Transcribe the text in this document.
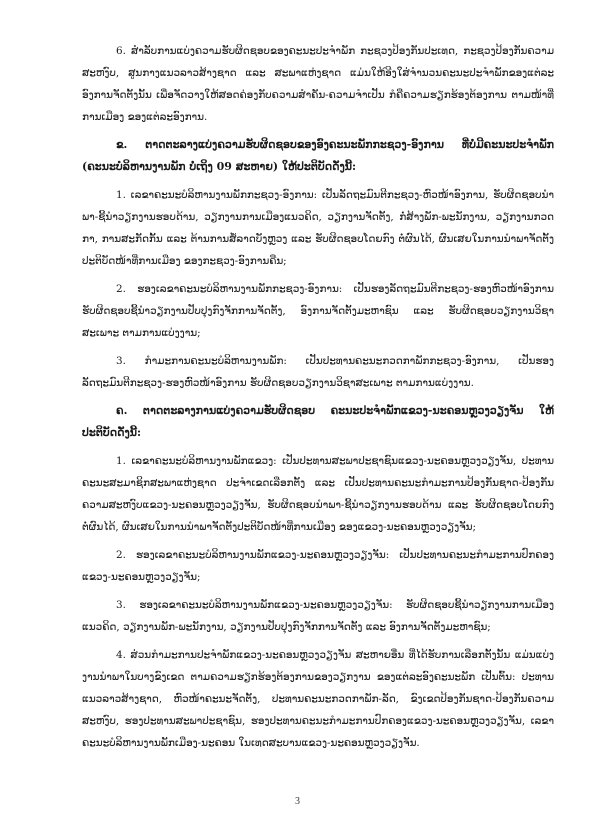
6. ສໍາລັບການແບ່ງຄວາມຮັບຜິດຊອບຂອງຄະນະປະຈໍາພັກ ກະຊວງປ້ອງກັນປະເທດ, ກະຊວງປ້ອງກັນຄວາມສະຫງົບ, ສູນກາງແນວລາວສ້າງຊາດ ແລະ ສະພາແຫ່ງຊາດ ແມ່ນໃຫ້ອີງໃສ່ຈໍານວນຄະນະປະຈໍາພັກຂອງແຕ່ລະອົງການຈັດຕັ້ງນັ້ນ ເພື່ອຈັດວາງໃຫ້ສອດຄ່ອງກັບຄວາມສໍາຄັນ-ຄວາມຈໍາເປັນ ກໍຄືຄວາມຮຽກຮ້ອງຕ້ອງການ ຕາມໜ້າທີ່ການເມືອງ ຂອງແຕ່ລະອົງການ.

ຂ. ຕາດຕະລາງແບ່ງຄວາມຮັບຜິດຊອບຂອງອົງຄະນະພັກກະຊວງ-ອົງການ ທີ່ບໍ່ມີຄະນະປະຈໍາພັກ (ຄະນະບໍລິຫານງານພັກ ບໍ່ເຖິງ 09 ສະຫາຍ) ໃຫ້ປະຕິບັດດັ່ງນີ້:

1. ເລຂາຄະນະບໍລິຫານງານພັກກະຊວງ-ອົງການ: ເປັນລັດຖະມົນຕີກະຊວງ-ຫົວໜ້າອົງການ, ຮັບຜິດຊອບນໍາພາ-ຊີ້ນໍາວຽກງານຮອບດ້ານ, ວຽກງານການເມືອງແນວຄິດ, ວຽກງານຈັດຕັ້ງ, ກໍ່ສ້າງພັກ-ພະນັກງານ, ວຽກງານກວດກາ, ການສະກັດກັ້ນ ແລະ ຕ້ານການສໍ້ລາດບັງຫຼວງ ແລະ ຮັບຜິດຊອບໂດຍກົງ ຕໍ່ຜົນໄດ້, ຜົນເສຍໃນການນໍາພາຈັດຕັ້ງປະຕິບັດໜ້າທີ່ການເມືອງ ຂອງກະຊວງ-ອົງການຄືນ;

2. ຮອງເລຂາຄະນະບໍລິຫານງານພັກກະຊວງ-ອົງການ: ເປັນຮອງລັດຖະມົນຕີກະຊວງ-ຮອງຫົວໜ້າອົງການ ຮັບຜິດຊອບຊີ້ນໍາວຽກງານປັບປຸງກົງຈັກການຈັດຕັ້ງ, ອົງການຈັດຕັ້ງມະຫາຊົນ ແລະ ຮັບຜິດຊອບວຽກງານວິຊາສະເພາະ ຕາມການແບ່ງງານ;

3. ກໍາມະການຄະນະບໍລິຫານງານພັກ: ເປັນປະທານຄະນະກວດກາພັກກະຊວງ-ອົງການ, ເປັນຮອງລັດຖະມົນຕີກະຊວງ-ຮອງຫົວໜ້າອົງການ ຮັບຜິດຊອບວຽກງານວິຊາສະເພາະ ຕາມການແບ່ງງານ.

ຄ. ຕາດຕະລາງການແບ່ງຄວາມຮັບຜິດຊອບ ຄະນະປະຈໍາພັກແຂວງ-ນະຄອນຫຼວງວຽງຈັນ ໃຫ້ປະຕິບັດດັ່ງນີ້:

1. ເລຂາຄະນະບໍລິຫານງານພັກແຂວງ: ເປັນປະທານສະພາປະຊາຊົນແຂວງ-ນະຄອນຫຼວງວຽງຈັນ, ປະທານຄະນະສະມາຊິກສະພາແຫ່ງຊາດ ປະຈໍາເຂດເລືອກຕັ້ງ ແລະ ເປັນປະທານຄະນະກໍາມະການປ້ອງກັນຊາດ-ປ້ອງກັນຄວາມສະຫງົບແຂວງ-ນະຄອນຫຼວງວຽງຈັນ, ຮັບຜິດຊອບນໍາພາ-ຊີ້ນໍາວຽກງານຮອບດ້ານ ແລະ ຮັບຜິດຊອບໂດຍກົງ ຕໍ່ຜົນໄດ້, ຜົນເສຍໃນການນໍາພາຈັດຕັ້ງປະຕິບັດໜ້າທີ່ການເມືອງ ຂອງແຂວງ-ນະຄອນຫຼວງວຽງຈັນ;

2. ຮອງເລຂາຄະນະບໍລິຫານງານພັກແຂວງ-ນະຄອນຫຼວງວຽງຈັນ: ເປັນປະທານຄະນະກໍາມະການປົກຄອງແຂວງ-ນະຄອນຫຼວງວຽງຈັນ;

3. ຮອງເລຂາຄະນະບໍລິຫານງານພັກແຂວງ-ນະຄອນຫຼວງວຽງຈັນ: ຮັບຜິດຊອບຊີ້ນໍາວຽກງານການເມືອງແນວຄິດ, ວຽກງານພັກ-ພະນັກງານ, ວຽກງານປັບປຸງກົງຈັກການຈັດຕັ້ງ ແລະ ອົງການຈັດຕັ້ງມະຫາຊົນ;

4. ສ່ວນກໍາມະການປະຈໍາພັກແຂວງ-ນະຄອນຫຼວງວຽງຈັນ ສະຫາຍອື່ນ ທີ່ໄດ້ຮັບການເລືອກຕັ້ງນັ້ນ ແມ່ນແບ່ງງານນໍາພາໃນບາງຂົງເຂດ ຕາມຄວາມຮຽກຮ້ອງຕ້ອງການຂອງວຽກງານ ຂອງແຕ່ລະອົງຄະນະພັກ ເປັນຕົ້ນ: ປະທານແນວລາວສ້າງຊາດ, ຫົວໜ້າຄະນະຈັດຕັ້ງ, ປະທານຄະນະກວດກາພັກ-ລັດ, ຂົງເຂດປ້ອງກັນຊາດ-ປ້ອງກັນຄວາມສະຫງົບ, ຮອງປະທານສະພາປະຊາຊົນ, ຮອງປະທານຄະນະກໍາມະການປົກຄອງແຂວງ-ນະຄອນຫຼວງວຽງຈັນ, ເລຂາຄະນະບໍລິຫານງານພັກເມືອງ-ນະຄອນ ໃນເທດສະບານແຂວງ-ນະຄອນຫຼວງວຽງຈັນ.

3
